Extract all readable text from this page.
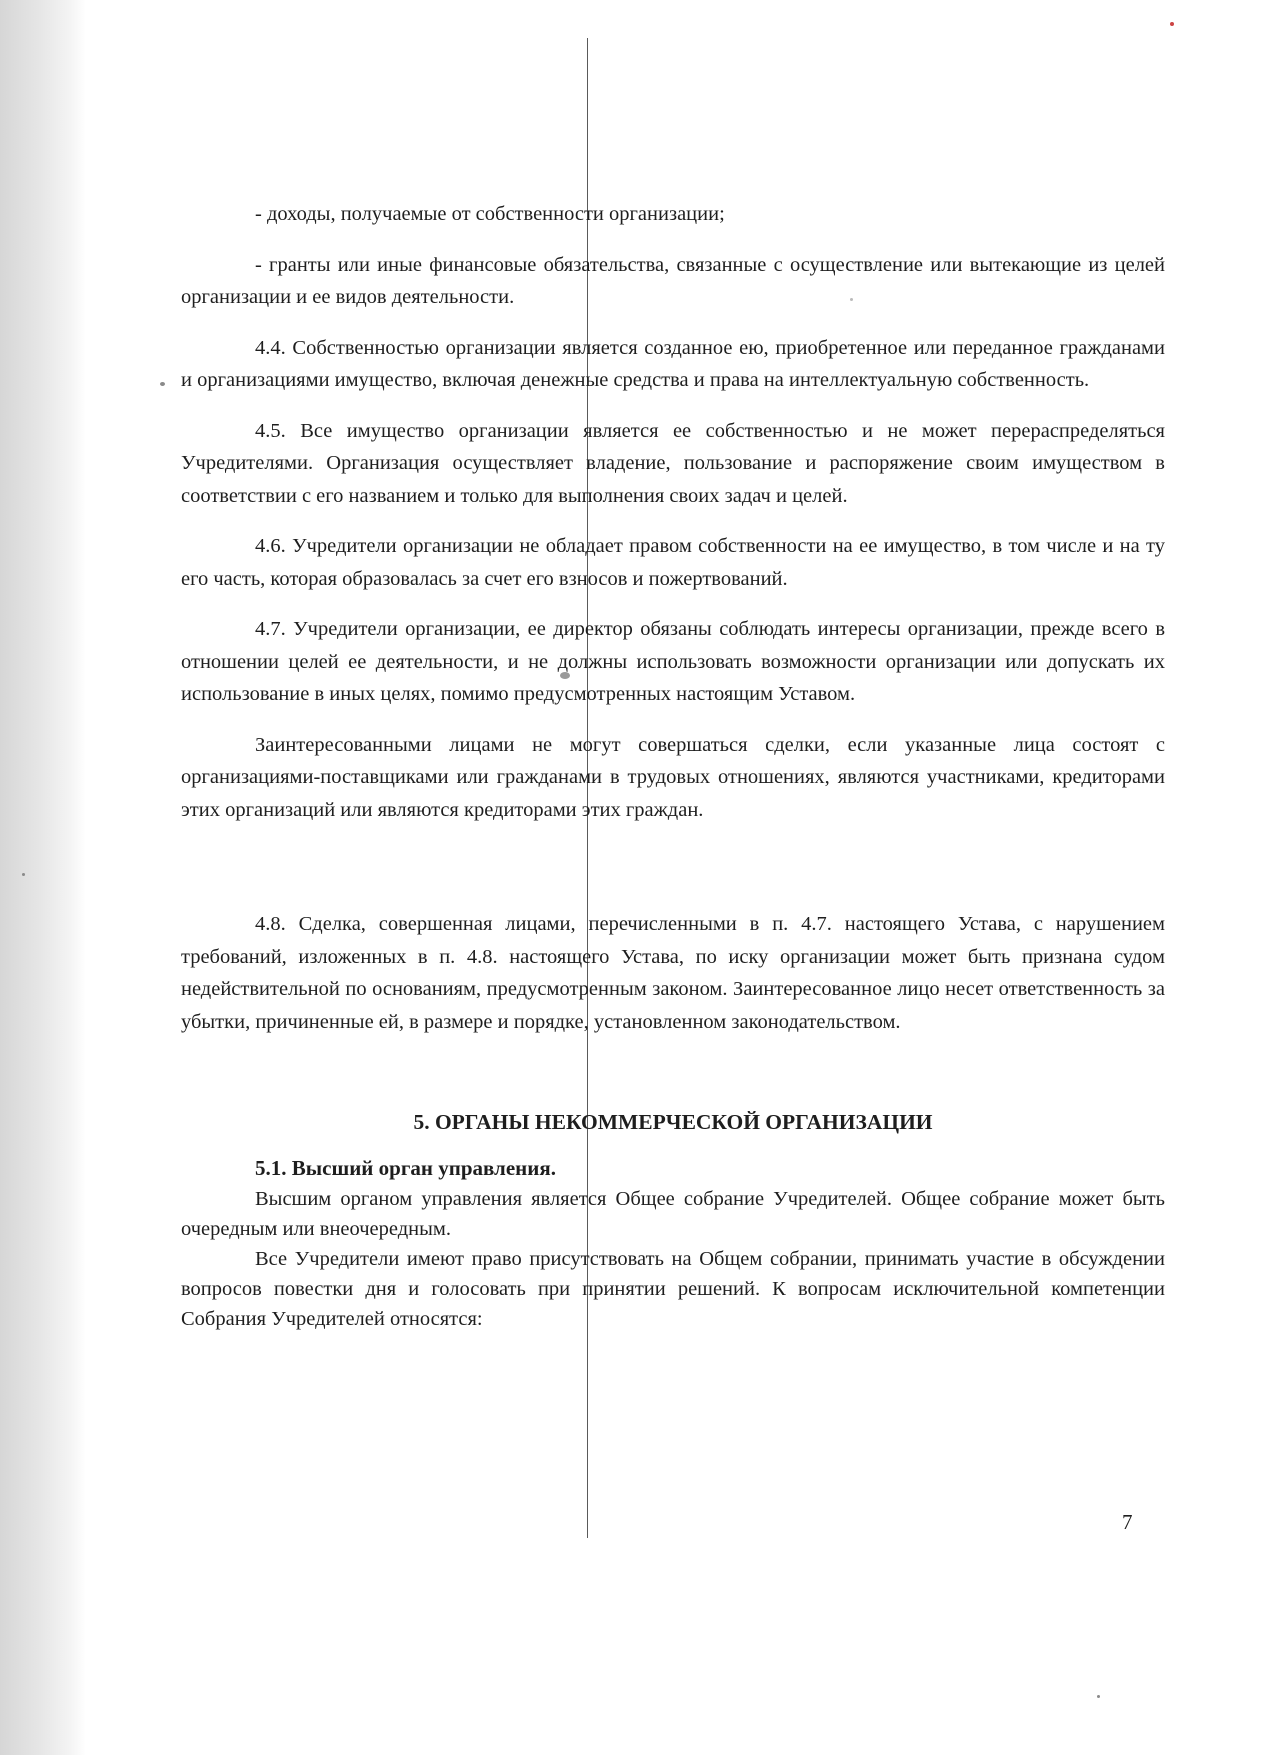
- доходы, получаемые от собственности организации;

- гранты или иные финансовые обязательства, связанные с осуществление или вытекающие из целей организации и ее видов деятельности.

4.4. Собственностью организации является созданное ею, приобретенное или переданное гражданами и организациями имущество, включая денежные средства и права на интеллектуальную собственность.

4.5. Все имущество организации является ее собственностью и не может перераспределяться Учредителями. Организация осуществляет владение, пользование и распоряжение своим имуществом в соответствии с его названием и только для выполнения своих задач и целей.

4.6. Учредители организации не обладает правом собственности на ее имущество, в том числе и на ту его часть, которая образовалась за счет его взносов и пожертвований.

4.7. Учредители организации, ее директор обязаны соблюдать интересы организации, прежде всего в отношении целей ее деятельности, и не должны использовать возможности организации или допускать их использование в иных целях, помимо предусмотренных настоящим Уставом.

Заинтересованными лицами не могут совершаться сделки, если указанные лица состоят с организациями-поставщиками или гражданами в трудовых отношениях, являются участниками, кредиторами этих организаций или являются кредиторами этих граждан.

4.8. Сделка, совершенная лицами, перечисленными в п. 4.7. настоящего Устава, с нарушением требований, изложенных в п. 4.8. настоящего Устава, по иску организации может быть признана судом недействительной по основаниям, предусмотренным законом. Заинтересованное лицо несет ответственность за убытки, причиненные ей, в размере и порядке, установленном законодательством.

5. ОРГАНЫ НЕКОММЕРЧЕСКОЙ ОРГАНИЗАЦИИ
5.1. Высший орган управления.

Высшим органом управления является Общее собрание Учредителей. Общее собрание может быть очередным или внеочередным.

Все Учредители имеют право присутствовать на Общем собрании, принимать участие в обсуждении вопросов повестки дня и голосовать при принятии решений. К вопросам исключительной компетенции Собрания Учредителей относятся:

7
